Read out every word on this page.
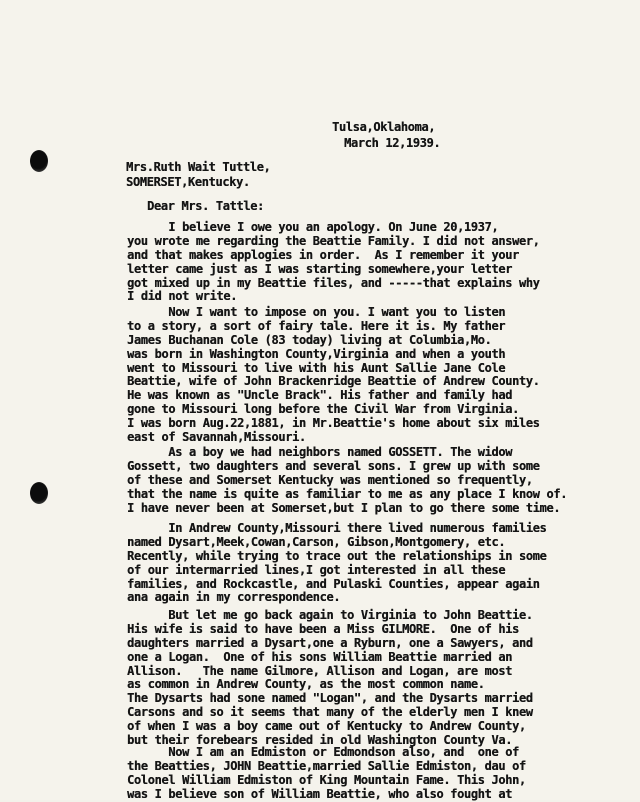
Tulsa,Oklahoma,
March 12,1939.
Mrs.Ruth Wait Tuttle,
SOMERSET,Kentucky.
Dear Mrs. Tattle:
I believe I owe you an apology. On June 20,1937,
you wrote me regarding the Beattie Family. I did not answer,
and that makes applogies in order.  As I remember it your
letter came just as I was starting somewhere,your letter
got mixed up in my Beattie files, and -----that explains why
I did not write.
Now I want to impose on you. I want you to listen
to a story, a sort of fairy tale. Here it is. My father
James Buchanan Cole (83 today) living at Columbia,Mo.
was born in Washington County,Virginia and when a youth
went to Missouri to live with his Aunt Sallie Jane Cole
Beattie, wife of John Brackenridge Beattie of Andrew County.
He was known as "Uncle Brack". His father and family had
gone to Missouri long before the Civil War from Virginia.
I was born Aug.22,1881, in Mr.Beattie's home about six miles
east of Savannah,Missouri.
As a boy we had neighbors named GOSSETT. The widow
Gossett, two daughters and several sons. I grew up with some
of these and Somerset Kentucky was mentioned so frequently,
that the name is quite as familiar to me as any place I know of.
I have never been at Somerset,but I plan to go there some time.
In Andrew County,Missouri there lived numerous families
named Dysart,Meek,Cowan,Carson, Gibson,Montgomery, etc.
Recently, while trying to trace out the relationships in some
of our intermarried lines,I got interested in all these
families, and Rockcastle, and Pulaski Counties, appear again
ana again in my correspondence.
But let me go back again to Virginia to John Beattie.
His wife is said to have been a Miss GILMORE.  One of his
daughters married a Dysart,one a Ryburn, one a Sawyers, and
one a Logan.  One of his sons William Beattie married an
Allison.   The name Gilmore, Allison and Logan, are most
as common in Andrew County, as the most common name.
The Dysarts had sone named "Logan", and the Dysarts married
Carsons and so it seems that many of the elderly men I knew
of when I was a boy came out of Kentucky to Andrew County,
but their forebears resided in old Washington County Va.
Now I am an Edmiston or Edmondson also, and  one of
the Beatties, JOHN Beattie,married Sallie Edmiston, dau of
Colonel William Edmiston of King Mountain Fame. This John,
was I believe son of William Beattie, who also fought at
